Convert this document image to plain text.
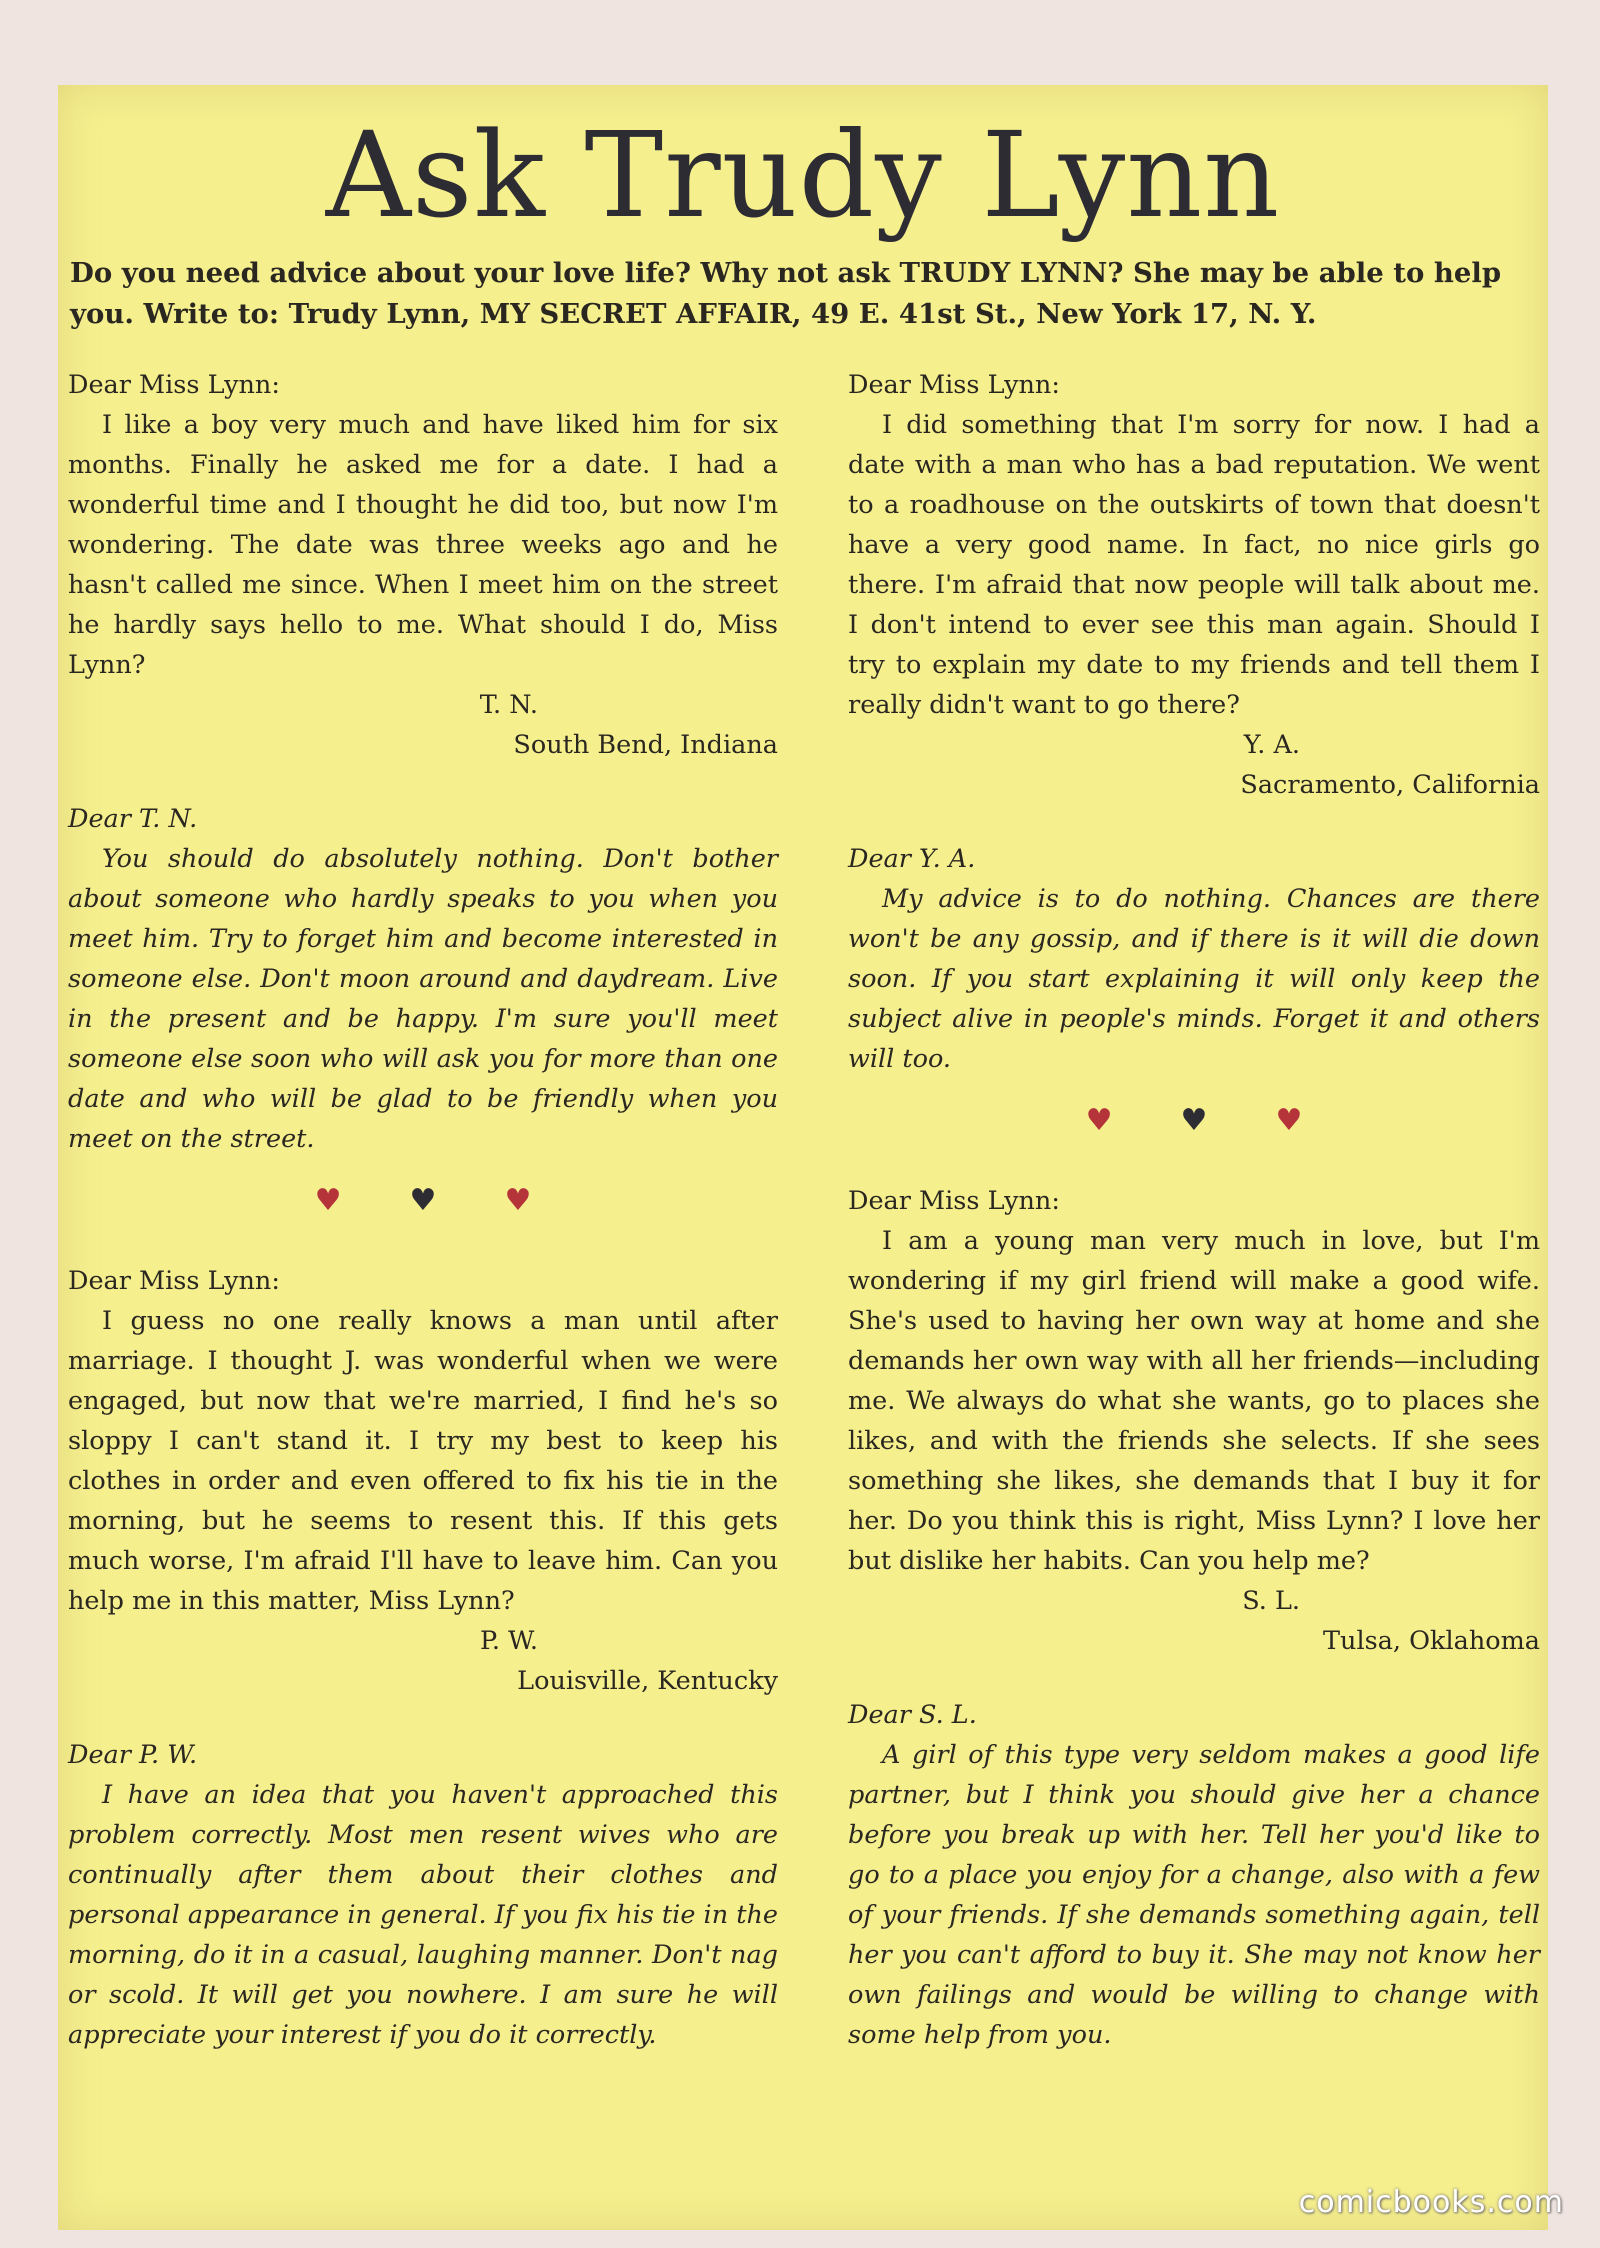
Ask Trudy Lynn
Do you need advice about your love life? Why not ask TRUDY LYNN? She may be able to help you. Write to: Trudy Lynn, MY SECRET AFFAIR, 49 E. 41st St., New York 17, N. Y.

Dear Miss Lynn:

I like a boy very much and have liked him for six months. Finally he asked me for a date. I had a wonderful time and I thought he did too, but now I'm wondering. The date was three weeks ago and he hasn't called me since. When I meet him on the street he hardly says hello to me. What should I do, Miss Lynn?

T. N.
South Bend, Indiana

Dear T. N.

You should do absolutely nothing. Don't bother about someone who hardly speaks to you when you meet him. Try to forget him and become interested in someone else. Don't moon around and daydream. Live in the present and be happy. I'm sure you'll meet someone else soon who will ask you for more than one date and who will be glad to be friendly when you meet on the street.

♥ ♥ ♥

Dear Miss Lynn:

I guess no one really knows a man until after marriage. I thought J. was wonderful when we were engaged, but now that we're married, I find he's so sloppy I can't stand it. I try my best to keep his clothes in order and even offered to fix his tie in the morning, but he seems to resent this. If this gets much worse, I'm afraid I'll have to leave him. Can you help me in this matter, Miss Lynn?

P. W.
Louisville, Kentucky

Dear P. W.

I have an idea that you haven't approached this problem correctly. Most men resent wives who are continually after them about their clothes and personal appearance in general. If you fix his tie in the morning, do it in a casual, laughing manner. Don't nag or scold. It will get you nowhere. I am sure he will appreciate your interest if you do it correctly.

Dear Miss Lynn:

I did something that I'm sorry for now. I had a date with a man who has a bad reputation. We went to a roadhouse on the outskirts of town that doesn't have a very good name. In fact, no nice girls go there. I'm afraid that now people will talk about me. I don't intend to ever see this man again. Should I try to explain my date to my friends and tell them I really didn't want to go there?

Y. A.
Sacramento, California

Dear Y. A.

My advice is to do nothing. Chances are there won't be any gossip, and if there is it will die down soon. If you start explaining it will only keep the subject alive in people's minds. Forget it and others will too.

♥ ♥ ♥

Dear Miss Lynn:

I am a young man very much in love, but I'm wondering if my girl friend will make a good wife. She's used to having her own way at home and she demands her own way with all her friends—including me. We always do what she wants, go to places she likes, and with the friends she selects. If she sees something she likes, she demands that I buy it for her. Do you think this is right, Miss Lynn? I love her but dislike her habits. Can you help me?

S. L.
Tulsa, Oklahoma

Dear S. L.

A girl of this type very seldom makes a good life partner, but I think you should give her a chance before you break up with her. Tell her you'd like to go to a place you enjoy for a change, also with a few of your friends. If she demands something again, tell her you can't afford to buy it. She may not know her own failings and would be willing to change with some help from you.

comicbooks.com
